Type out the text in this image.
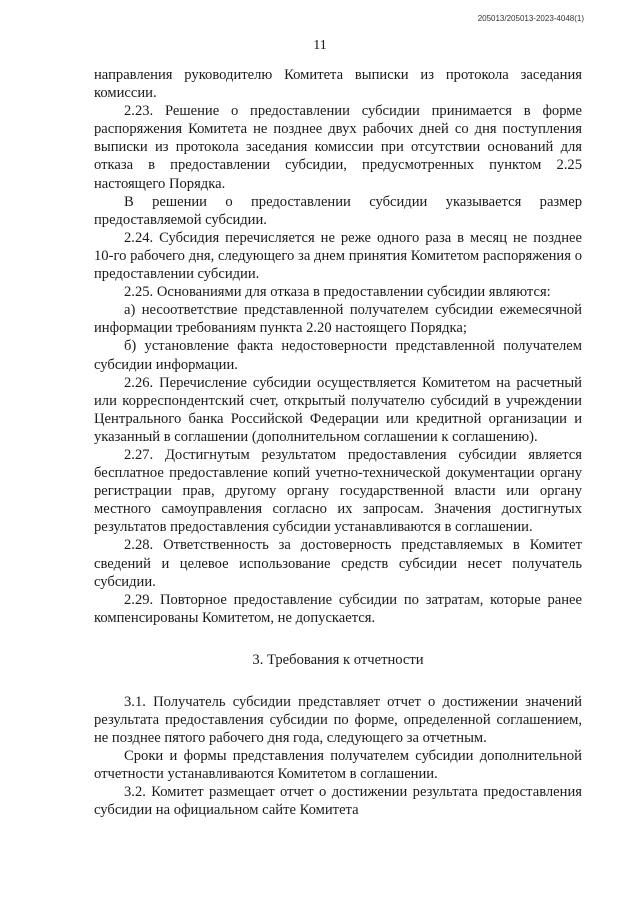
205013/205013-2023-4048(1)
11

направления руководителю Комитета выписки из протокола заседания комиссии.

2.23. Решение о предоставлении субсидии принимается в форме распоряжения Комитета не позднее двух рабочих дней со дня поступления выписки из протокола заседания комиссии при отсутствии оснований для отказа в предоставлении субсидии, предусмотренных пунктом 2.25 настоящего Порядка.

В решении о предоставлении субсидии указывается размер предоставляемой субсидии.

2.24. Субсидия перечисляется не реже одного раза в месяц не позднее 10-го рабочего дня, следующего за днем принятия Комитетом распоряжения о предоставлении субсидии.

2.25. Основаниями для отказа в предоставлении субсидии являются:

а) несоответствие представленной получателем субсидии ежемесячной информации требованиям пункта 2.20 настоящего Порядка;

б) установление факта недостоверности представленной получателем субсидии информации.

2.26. Перечисление субсидии осуществляется Комитетом на расчетный или корреспондентский счет, открытый получателю субсидий в учреждении Центрального банка Российской Федерации или кредитной организации и указанный в соглашении (дополнительном соглашении к соглашению).

2.27. Достигнутым результатом предоставления субсидии является бесплатное предоставление копий учетно-технической документации органу регистрации прав, другому органу государственной власти или органу местного самоуправления согласно их запросам. Значения достигнутых результатов предоставления субсидии устанавливаются в соглашении.

2.28. Ответственность за достоверность представляемых в Комитет сведений и целевое использование средств субсидии несет получатель субсидии.

2.29. Повторное предоставление субсидии по затратам, которые ранее компенсированы Комитетом, не допускается.

3. Требования к отчетности

3.1. Получатель субсидии представляет отчет о достижении значений результата предоставления субсидии по форме, определенной соглашением, не позднее пятого рабочего дня года, следующего за отчетным.

Сроки и формы представления получателем субсидии дополнительной отчетности устанавливаются Комитетом в соглашении.

3.2. Комитет размещает отчет о достижении результата предоставления субсидии на официальном сайте Комитета
